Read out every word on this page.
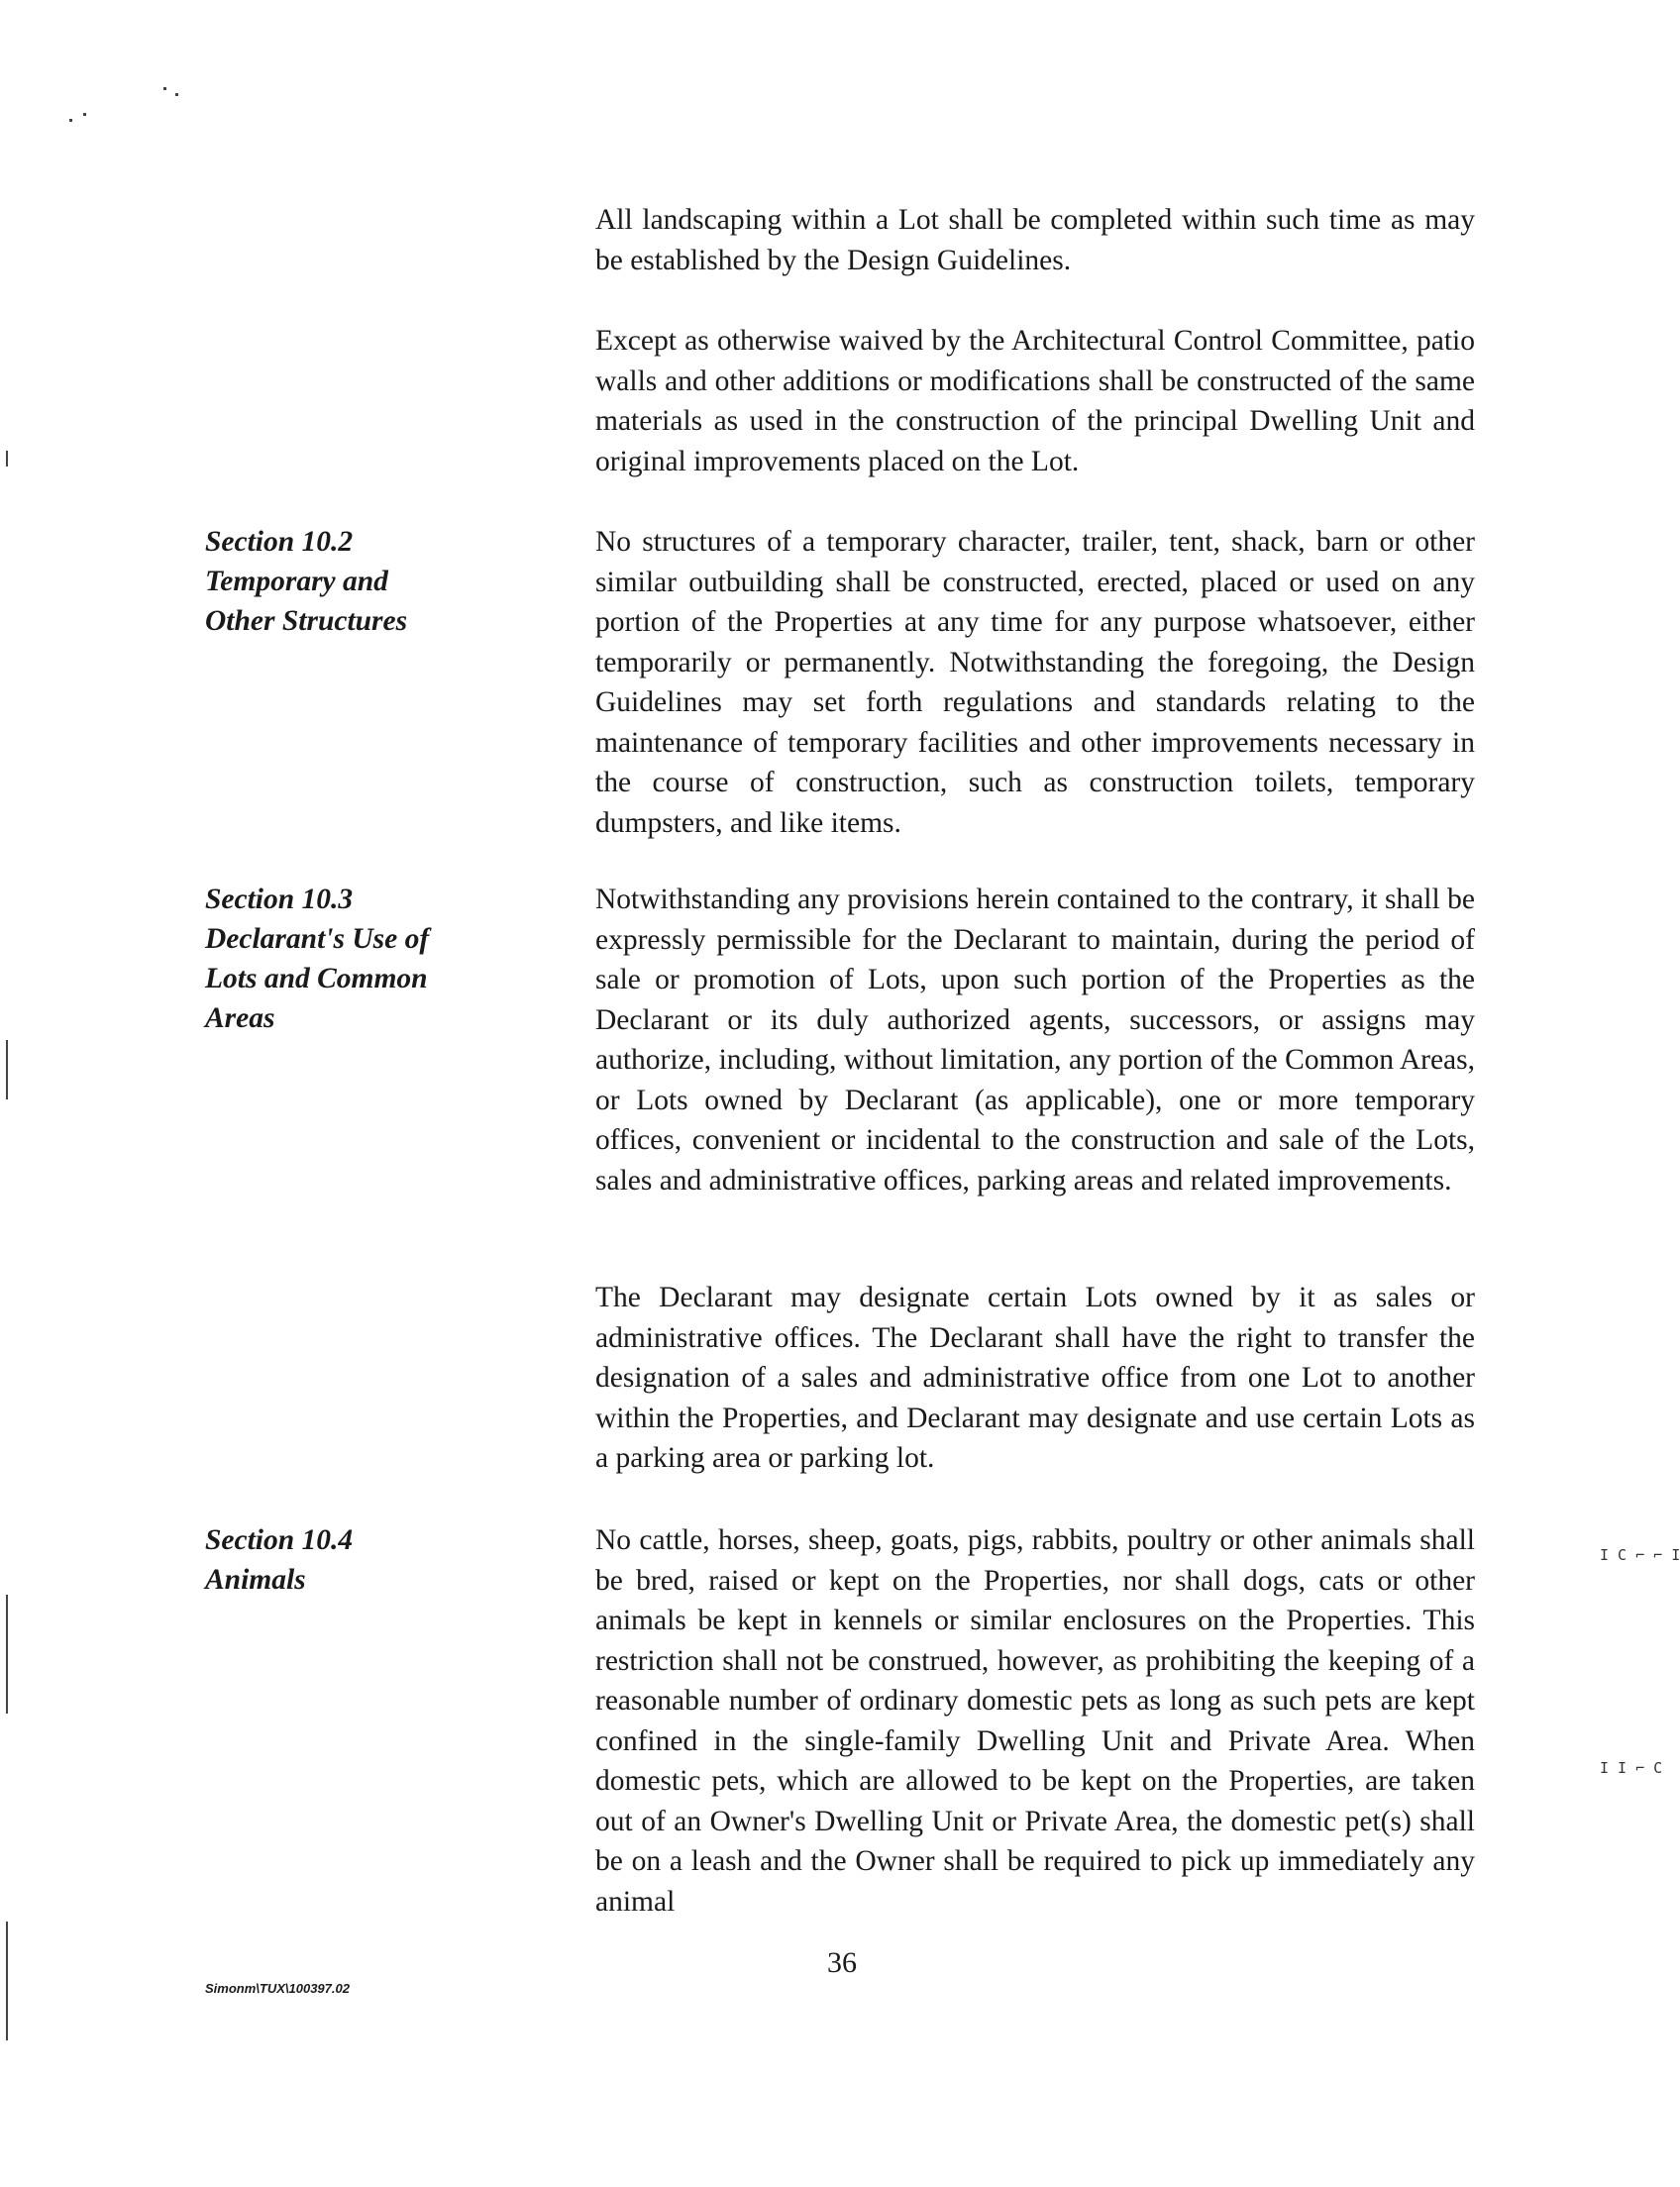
All landscaping within a Lot shall be completed within such time as may be established by the Design Guidelines.

Except as otherwise waived by the Architectural Control Committee, patio walls and other additions or modifications shall be constructed of the same materials as used in the construction of the principal Dwelling Unit and original improvements placed on the Lot.

Section 10.2
Temporary and
Other Structures

No structures of a temporary character, trailer, tent, shack, barn or other similar outbuilding shall be constructed, erected, placed or used on any portion of the Properties at any time for any purpose whatsoever, either temporarily or permanently. Notwithstanding the foregoing, the Design Guidelines may set forth regulations and standards relating to the maintenance of temporary facilities and other improvements necessary in the course of construction, such as construction toilets, temporary dumpsters, and like items.

Section 10.3
Declarant's Use of
Lots and Common
Areas

Notwithstanding any provisions herein contained to the contrary, it shall be expressly permissible for the Declarant to maintain, during the period of sale or promotion of Lots, upon such portion of the Properties as the Declarant or its duly authorized agents, successors, or assigns may authorize, including, without limitation, any portion of the Common Areas, or Lots owned by Declarant (as applicable), one or more temporary offices, convenient or incidental to the construction and sale of the Lots, sales and administrative offices, parking areas and related improvements.

The Declarant may designate certain Lots owned by it as sales or administrative offices. The Declarant shall have the right to transfer the designation of a sales and administrative office from one Lot to another within the Properties, and Declarant may designate and use certain Lots as a parking area or parking lot.

Section 10.4
Animals

No cattle, horses, sheep, goats, pigs, rabbits, poultry or other animals shall be bred, raised or kept on the Properties, nor shall dogs, cats or other animals be kept in kennels or similar enclosures on the Properties. This restriction shall not be construed, however, as prohibiting the keeping of a reasonable number of ordinary domestic pets as long as such pets are kept confined in the single-family Dwelling Unit and Private Area. When domestic pets, which are allowed to be kept on the Properties, are taken out of an Owner's Dwelling Unit or Private Area, the domestic pet(s) shall be on a leash and the Owner shall be required to pick up immediately any animal

Simonm\TUX\100397.02
36
I C ⌐ ⌐ I
I I ⌐ C
